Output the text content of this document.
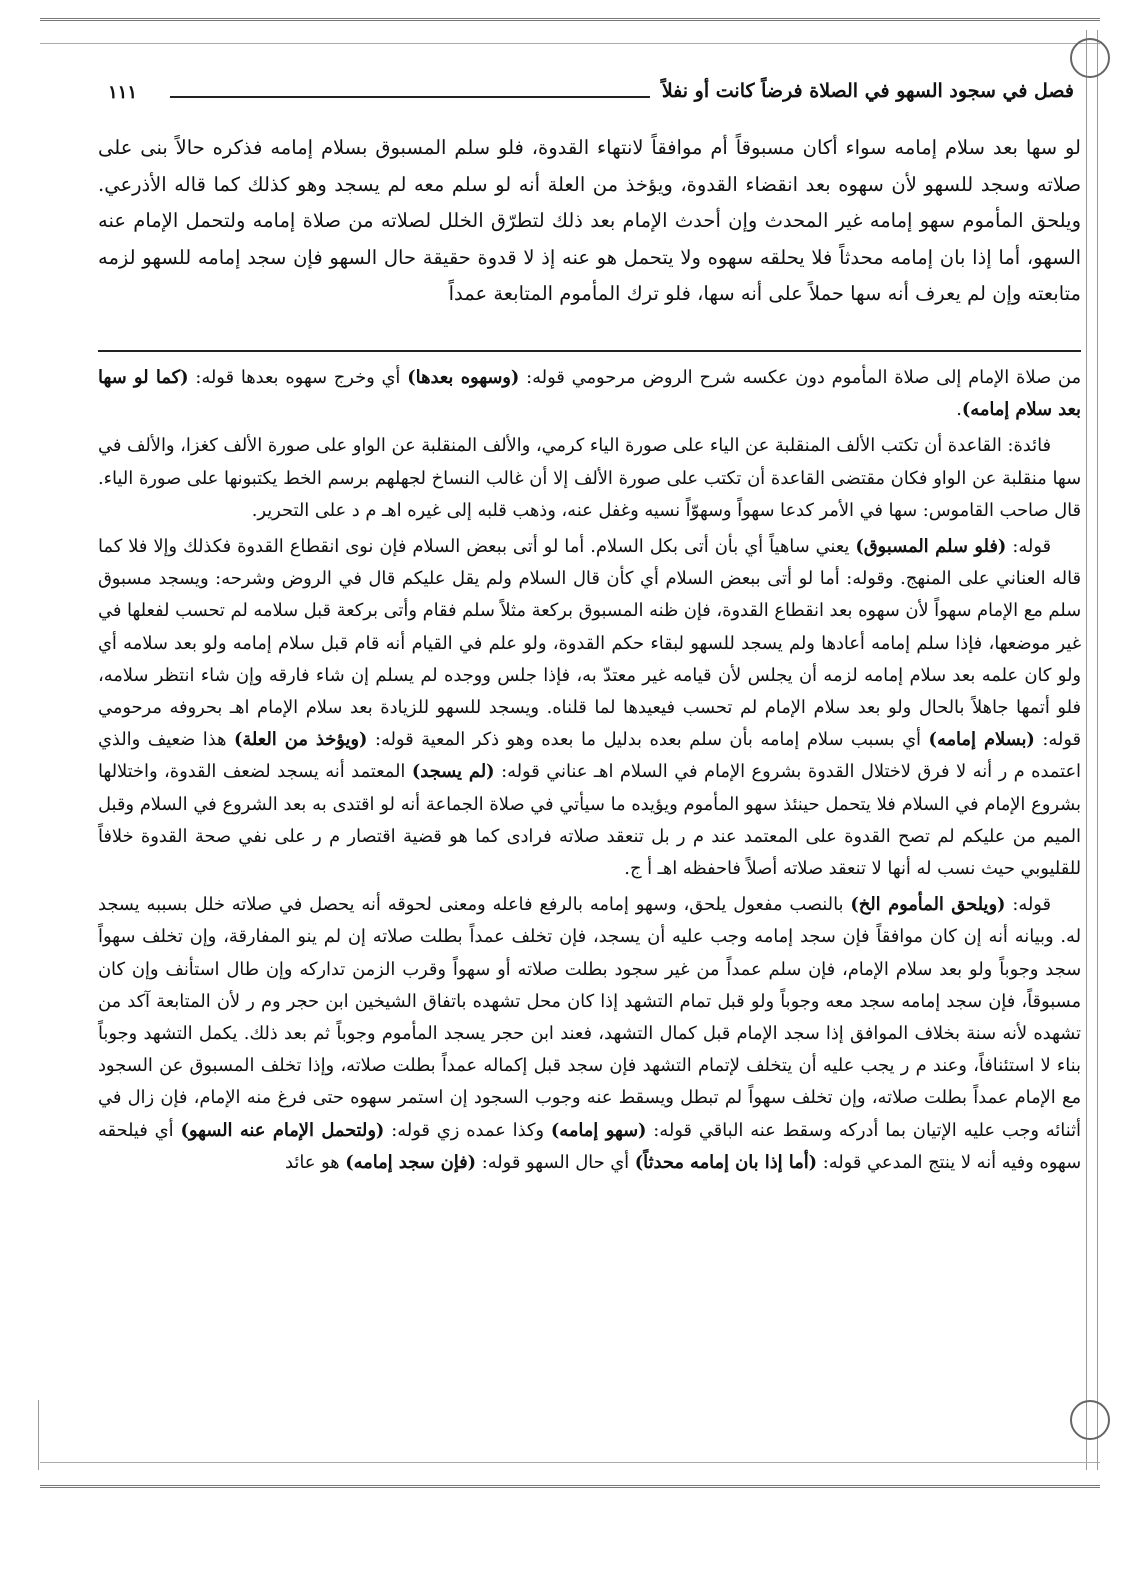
١١١	فصل في سجود السهو في الصلاة فرضاً كانت أو نفلاً
لو سها بعد سلام إمامه سواء أكان مسبوقاً أم موافقاً لانتهاء القدوة، فلو سلم المسبوق بسلام إمامه فذكره حالاً بنى على صلاته وسجد للسهو لأن سهوه بعد انقضاء القدوة، ويؤخذ من العلة أنه لو سلم معه لم يسجد وهو كذلك كما قاله الأذرعي. ويلحق المأموم سهو إمامه غير المحدث وإن أحدث الإمام بعد ذلك لتطرّق الخلل لصلاته من صلاة إمامه ولتحمل الإمام عنه السهو، أما إذا بان إمامه محدثاً فلا يحلقه سهوه ولا يتحمل هو عنه إذ لا قدوة حقيقة حال السهو فإن سجد إمامه للسهو لزمه متابعته وإن لم يعرف أنه سها حملاً على أنه سها، فلو ترك المأموم المتابعة عمداً

من صلاة الإمام إلى صلاة المأموم دون عكسه شرح الروض مرحومي قوله: (وسهوه بعدها) أي وخرج سهوه بعدها قوله: (كما لو سها بعد سلام إمامه).

فائدة: القاعدة أن تكتب الألف المنقلبة عن الياء على صورة الياء كرمي، والألف المنقلبة عن الواو على صورة الألف كغزا، والألف في سها منقلبة عن الواو فكان مقتضى القاعدة أن تكتب على صورة الألف إلا أن غالب النساخ لجهلهم برسم الخط يكتبونها على صورة الياء. قال صاحب القاموس: سها في الأمر كدعا سهواً وسهوّاً نسيه وغفل عنه، وذهب قلبه إلى غيره اهـ م د على التحرير.

قوله: (فلو سلم المسبوق) يعني ساهياً أي بأن أتى بكل السلام. أما لو أتى ببعض السلام فإن نوى انقطاع القدوة فكذلك وإلا فلا كما قاله العناني على المنهج. وقوله: أما لو أتى ببعض السلام أي كأن قال السلام ولم يقل عليكم قال في الروض وشرحه: ويسجد مسبوق سلم مع الإمام سهواً لأن سهوه بعد انقطاع القدوة، فإن ظنه المسبوق بركعة مثلاً سلم فقام وأتى بركعة قبل سلامه لم تحسب لفعلها في غير موضعها، فإذا سلم إمامه أعادها ولم يسجد للسهو لبقاء حكم القدوة، ولو علم في القيام أنه قام قبل سلام إمامه ولو بعد سلامه أي ولو كان علمه بعد سلام إمامه لزمه أن يجلس لأن قيامه غير معتدّ به، فإذا جلس ووجده لم يسلم إن شاء فارقه وإن شاء انتظر سلامه، فلو أتمها جاهلاً بالحال ولو بعد سلام الإمام لم تحسب فيعيدها لما قلناه. ويسجد للسهو للزيادة بعد سلام الإمام اهـ بحروفه مرحومي قوله: (بسلام إمامه) أي بسبب سلام إمامه بأن سلم بعده بدليل ما بعده وهو ذكر المعية قوله: (ويؤخذ من العلة) هذا ضعيف والذي اعتمده م ر أنه لا فرق لاختلال القدوة بشروع الإمام في السلام اهـ عناني قوله: (لم يسجد) المعتمد أنه يسجد لضعف القدوة، واختلالها بشروع الإمام في السلام فلا يتحمل حينئذ سهو المأموم ويؤيده ما سيأتي في صلاة الجماعة أنه لو اقتدى به بعد الشروع في السلام وقبل الميم من عليكم لم تصح القدوة على المعتمد عند م ر بل تنعقد صلاته فرادى كما هو قضية اقتصار م ر على نفي صحة القدوة خلافاً للقليوبي حيث نسب له أنها لا تنعقد صلاته أصلاً فاحفظه اهـ أ ج.

قوله: (ويلحق المأموم الخ) بالنصب مفعول يلحق، وسهو إمامه بالرفع فاعله ومعنى لحوقه أنه يحصل في صلاته خلل بسببه يسجد له. وبيانه أنه إن كان موافقاً فإن سجد إمامه وجب عليه أن يسجد، فإن تخلف عمداً بطلت صلاته إن لم ينو المفارقة، وإن تخلف سهواً سجد وجوباً ولو بعد سلام الإمام، فإن سلم عمداً من غير سجود بطلت صلاته أو سهواً وقرب الزمن تداركه وإن طال استأنف وإن كان مسبوقاً، فإن سجد إمامه سجد معه وجوباً ولو قبل تمام التشهد إذا كان محل تشهده باتفاق الشيخين ابن حجر وم ر لأن المتابعة آكد من تشهده لأنه سنة بخلاف الموافق إذا سجد الإمام قبل كمال التشهد، فعند ابن حجر يسجد المأموم وجوباً ثم بعد ذلك. يكمل التشهد وجوباً بناء لا استئنافاً، وعند م ر يجب عليه أن يتخلف لإتمام التشهد فإن سجد قبل إكماله عمداً بطلت صلاته، وإذا تخلف المسبوق عن السجود مع الإمام عمداً بطلت صلاته، وإن تخلف سهواً لم تبطل ويسقط عنه وجوب السجود إن استمر سهوه حتى فرغ منه الإمام، فإن زال في أثنائه وجب عليه الإتيان بما أدركه وسقط عنه الباقي قوله: (سهو إمامه) وكذا عمده زي قوله: (ولتحمل الإمام عنه السهو) أي فيلحقه سهوه وفيه أنه لا ينتج المدعي قوله: (أما إذا بان إمامه محدثاً) أي حال السهو قوله: (فإن سجد إمامه) هو عائد
